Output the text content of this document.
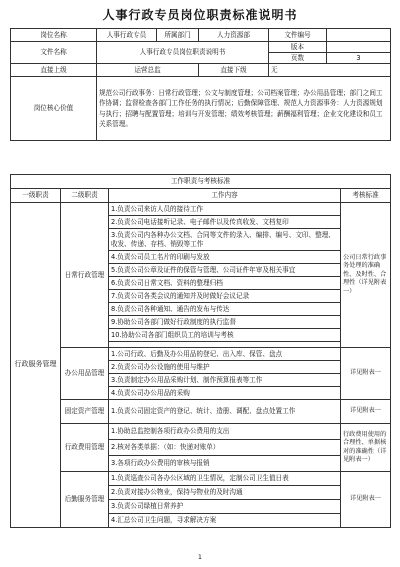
人事行政专员岗位职责标准说明书
岗位名称	人事行政专员	所属部门	人力资源部	文件编号	
文件名称	人事行政专员岗位职责说明书			版本	
				页数	3
直接上级	运营总监		直接下级	无	
岗位核心价值	规范公司行政事务：日常行政管理；公文与制度管理；公司档案管理；办公用品管理；部门之间工作协调；监督检查各部门工作任务的执行情况；后勤保障管理、规范人力资源事务：人力资源规划与执行；招聘与配置管理；培训与开发管理；绩效考核管理；薪酬福利管理；企业文化建设和员工关系管理。				
工作职责与考核标准			
一级职责	二级职责	工作内容	考核标准
行政服务管理	日常行政管理	1.负责公司来访人员的接待工作	公司日常行政事务处理的准确性、及时性、合理性（详见附表一）
		2.负责公司电话接听记录、电子邮件以及传真收发、文档复印	
		3.负责公司内各种办公文档、合同等文件的录入、编排、编号、文印、整理、收发、传递、存档、销毁等工作	
		4.负责公司员工名片的印刷与发放	
		5.负责公司公章及证件的保管与管理、公司证件年审及相关事宜	
		6.负责公司日常文档、资料的整理归档	
		7.负责公司各类会议的通知并及时做好会议记录	
		8.负责公司各种通知、通告的发布与传达	
		9.协助公司各部门做好行政制度的执行监督	
		10.协助公司各部门组织员工的培训与考核	

	办公用品管理	1.公司行政、后勤及办公用品的登记、出入库、保管、盘点	详见附表一
		2.负责公司办公设施的使用与维护	
		3.负责制定办公用品采购计划、制作预算报表等工作	
		4.负责公司办公用品的采购	
	固定资产管理	1.负责公司固定资产的登记、统计、造册、调配、盘点处置工作	详见附表一
	行政费用管理	1.协助总监控制各项行政办公费用的支出	行政费用使用的合理性、单据核对的准确性（详见附表一）
		2.核对各类单据：（如：快递对账单）	
		3.各项行政办公费用的审核与报销	
	后勤服务管理	1.负责巡查公司各办公区域的卫生情况，定制公司卫生值日表	详见附表一
		2.负责对接办公物业，保持与物业的及时沟通	
		3.负责公司绿植日常养护	
		4.汇总公司卫生问题，寻求解决方案	
1
